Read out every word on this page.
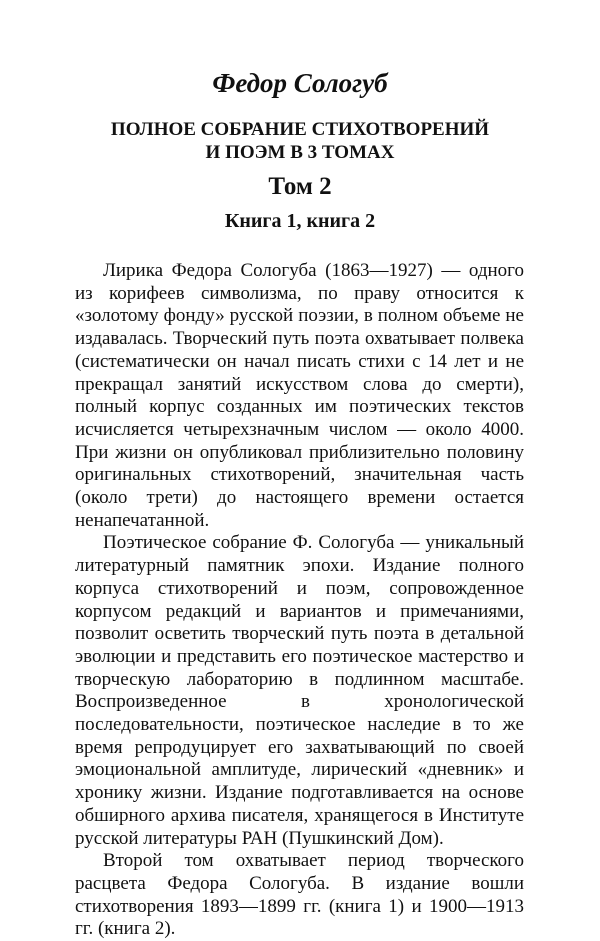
Федор Сологуб
ПОЛНОЕ СОБРАНИЕ СТИХОТВОРЕНИЙ
И ПОЭМ В 3 ТОМАХ
Том 2
Книга 1, книга 2

Лирика Федора Сологуба (1863—1927) — одного из корифеев символизма, по праву относится к «золотому фонду» русской поэзии, в полном объеме не издавалась. Творческий путь поэта охватывает полвека (систематически он начал писать стихи с 14 лет и не прекращал занятий искусством слова до смерти), полный корпус созданных им поэтических текстов исчисляется четырехзначным числом — около 4000. При жизни он опубликовал приблизительно половину оригинальных стихотворений, значительная часть (около трети) до настоящего времени остается ненапечатанной.

Поэтическое собрание Ф. Сологуба — уникальный литературный памятник эпохи. Издание полного корпуса стихотворений и поэм, сопровожденное корпусом редакций и вариантов и примечаниями, позволит осветить творческий путь поэта в детальной эволюции и представить его поэтическое мастерство и творческую лабораторию в подлинном масштабе. Воспроизведенное в хронологической последовательности, поэтическое наследие в то же время репродуцирует его захватывающий по своей эмоциональной амплитуде, лирический «дневник» и хронику жизни. Издание подготавливается на основе обширного архива писателя, хранящегося в Институте русской литературы РАН (Пушкинский Дом).

Второй том охватывает период творческого расцвета Федора Сологуба. В издание вошли стихотворения 1893—1899 гг. (книга 1) и 1900—1913 гг. (книга 2).
